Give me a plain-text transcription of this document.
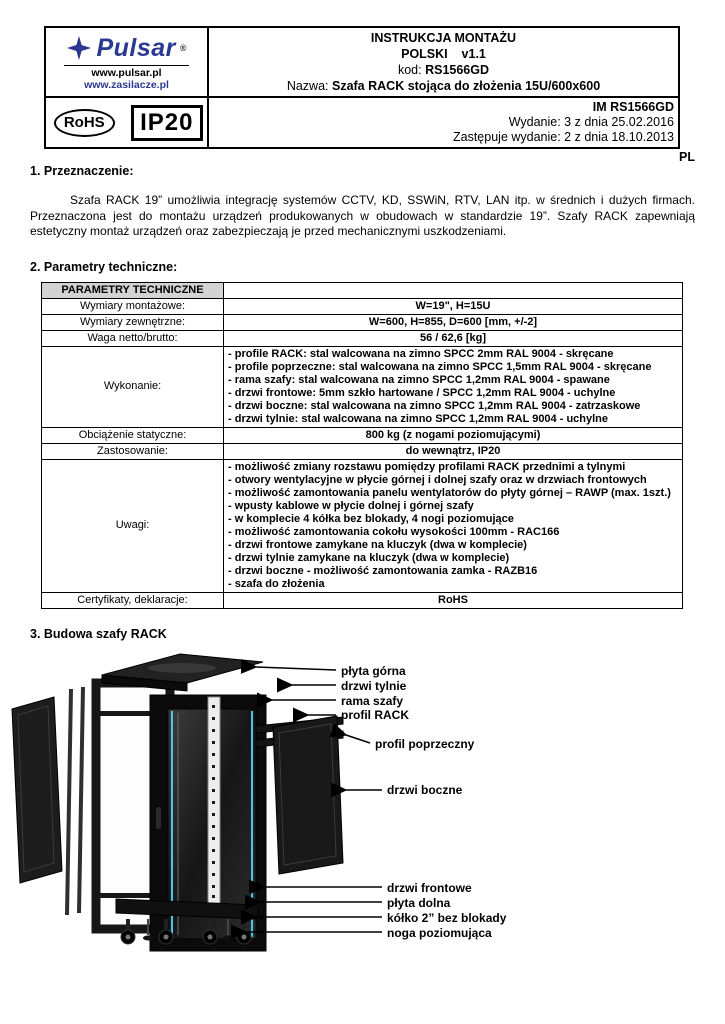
Pulsar ®
www.pulsar.pl
www.zasilacze.pl

INSTRUKCJA MONTAŻU
POLSKI    v1.1
kod: RS1566GD
Nazwa: Szafa RACK stojąca do złożenia 15U/600x600

RoHS	IP20

IM RS1566GD
Wydanie: 3 z dnia 25.02.2016
Zastępuje wydanie: 2 z dnia 18.10.2013
PL
1. Przeznaczenie:

Szafa RACK 19” umożliwia integrację systemów CCTV, KD, SSWiN, RTV, LAN itp. w średnich i dużych firmach. Przeznaczona jest do montażu urządzeń produkowanych w obudowach w standardzie 19”. Szafy RACK zapewniają estetyczny montaż urządzeń oraz zabezpieczają je przed mechanicznymi uszkodzeniami.

2. Parametry techniczne:
PARAMETRY TECHNICZNE	
Wymiary montażowe:	W=19", H=15U
Wymiary zewnętrzne:	W=600, H=855, D=600 [mm, +/-2]
Waga netto/brutto:	56 / 62,6 [kg]
Wykonanie:	
- profile RACK: stal walcowana na zimno SPCC 2mm RAL 9004 - skręcane
- profile poprzeczne: stal walcowana na zimno SPCC 1,5mm RAL 9004 - skręcane
- rama szafy: stal walcowana na zimno SPCC 1,2mm RAL 9004 - spawane
- drzwi frontowe: 5mm szkło hartowane / SPCC 1,2mm RAL 9004 - uchylne
- drzwi boczne: stal walcowana na zimno SPCC 1,2mm RAL 9004 - zatrzaskowe
- drzwi tylnie: stal walcowana na zimno SPCC 1,2mm RAL 9004 - uchylne

Obciążenie statyczne:	800 kg (z nogami poziomującymi)
Zastosowanie:	do wewnątrz, IP20
Uwagi:	
- możliwość zmiany rozstawu pomiędzy profilami RACK przednimi a tylnymi
- otwory wentylacyjne w płycie górnej i dolnej szafy oraz w drzwiach frontowych
- możliwość zamontowania panelu wentylatorów do płyty górnej – RAWP (max. 1szt.)
- wpusty kablowe w płycie dolnej i górnej szafy
- w komplecie 4 kółka bez blokady, 4 nogi poziomujące
- możliwość zamontowania cokołu wysokości 100mm - RAC166
- drzwi frontowe zamykane na kluczyk (dwa w komplecie)
- drzwi tylnie zamykane na kluczyk (dwa w komplecie)
- drzwi boczne - możliwość zamontowania zamka - RAZB16
- szafa do złożenia

Certyfikaty, deklaracje:	RoHS
3. Budowa szafy RACK
płyta górna
drzwi tylnie
rama szafy
profil RACK
profil poprzeczny
drzwi boczne
drzwi frontowe
płyta dolna
kółko 2” bez blokady
noga poziomująca
